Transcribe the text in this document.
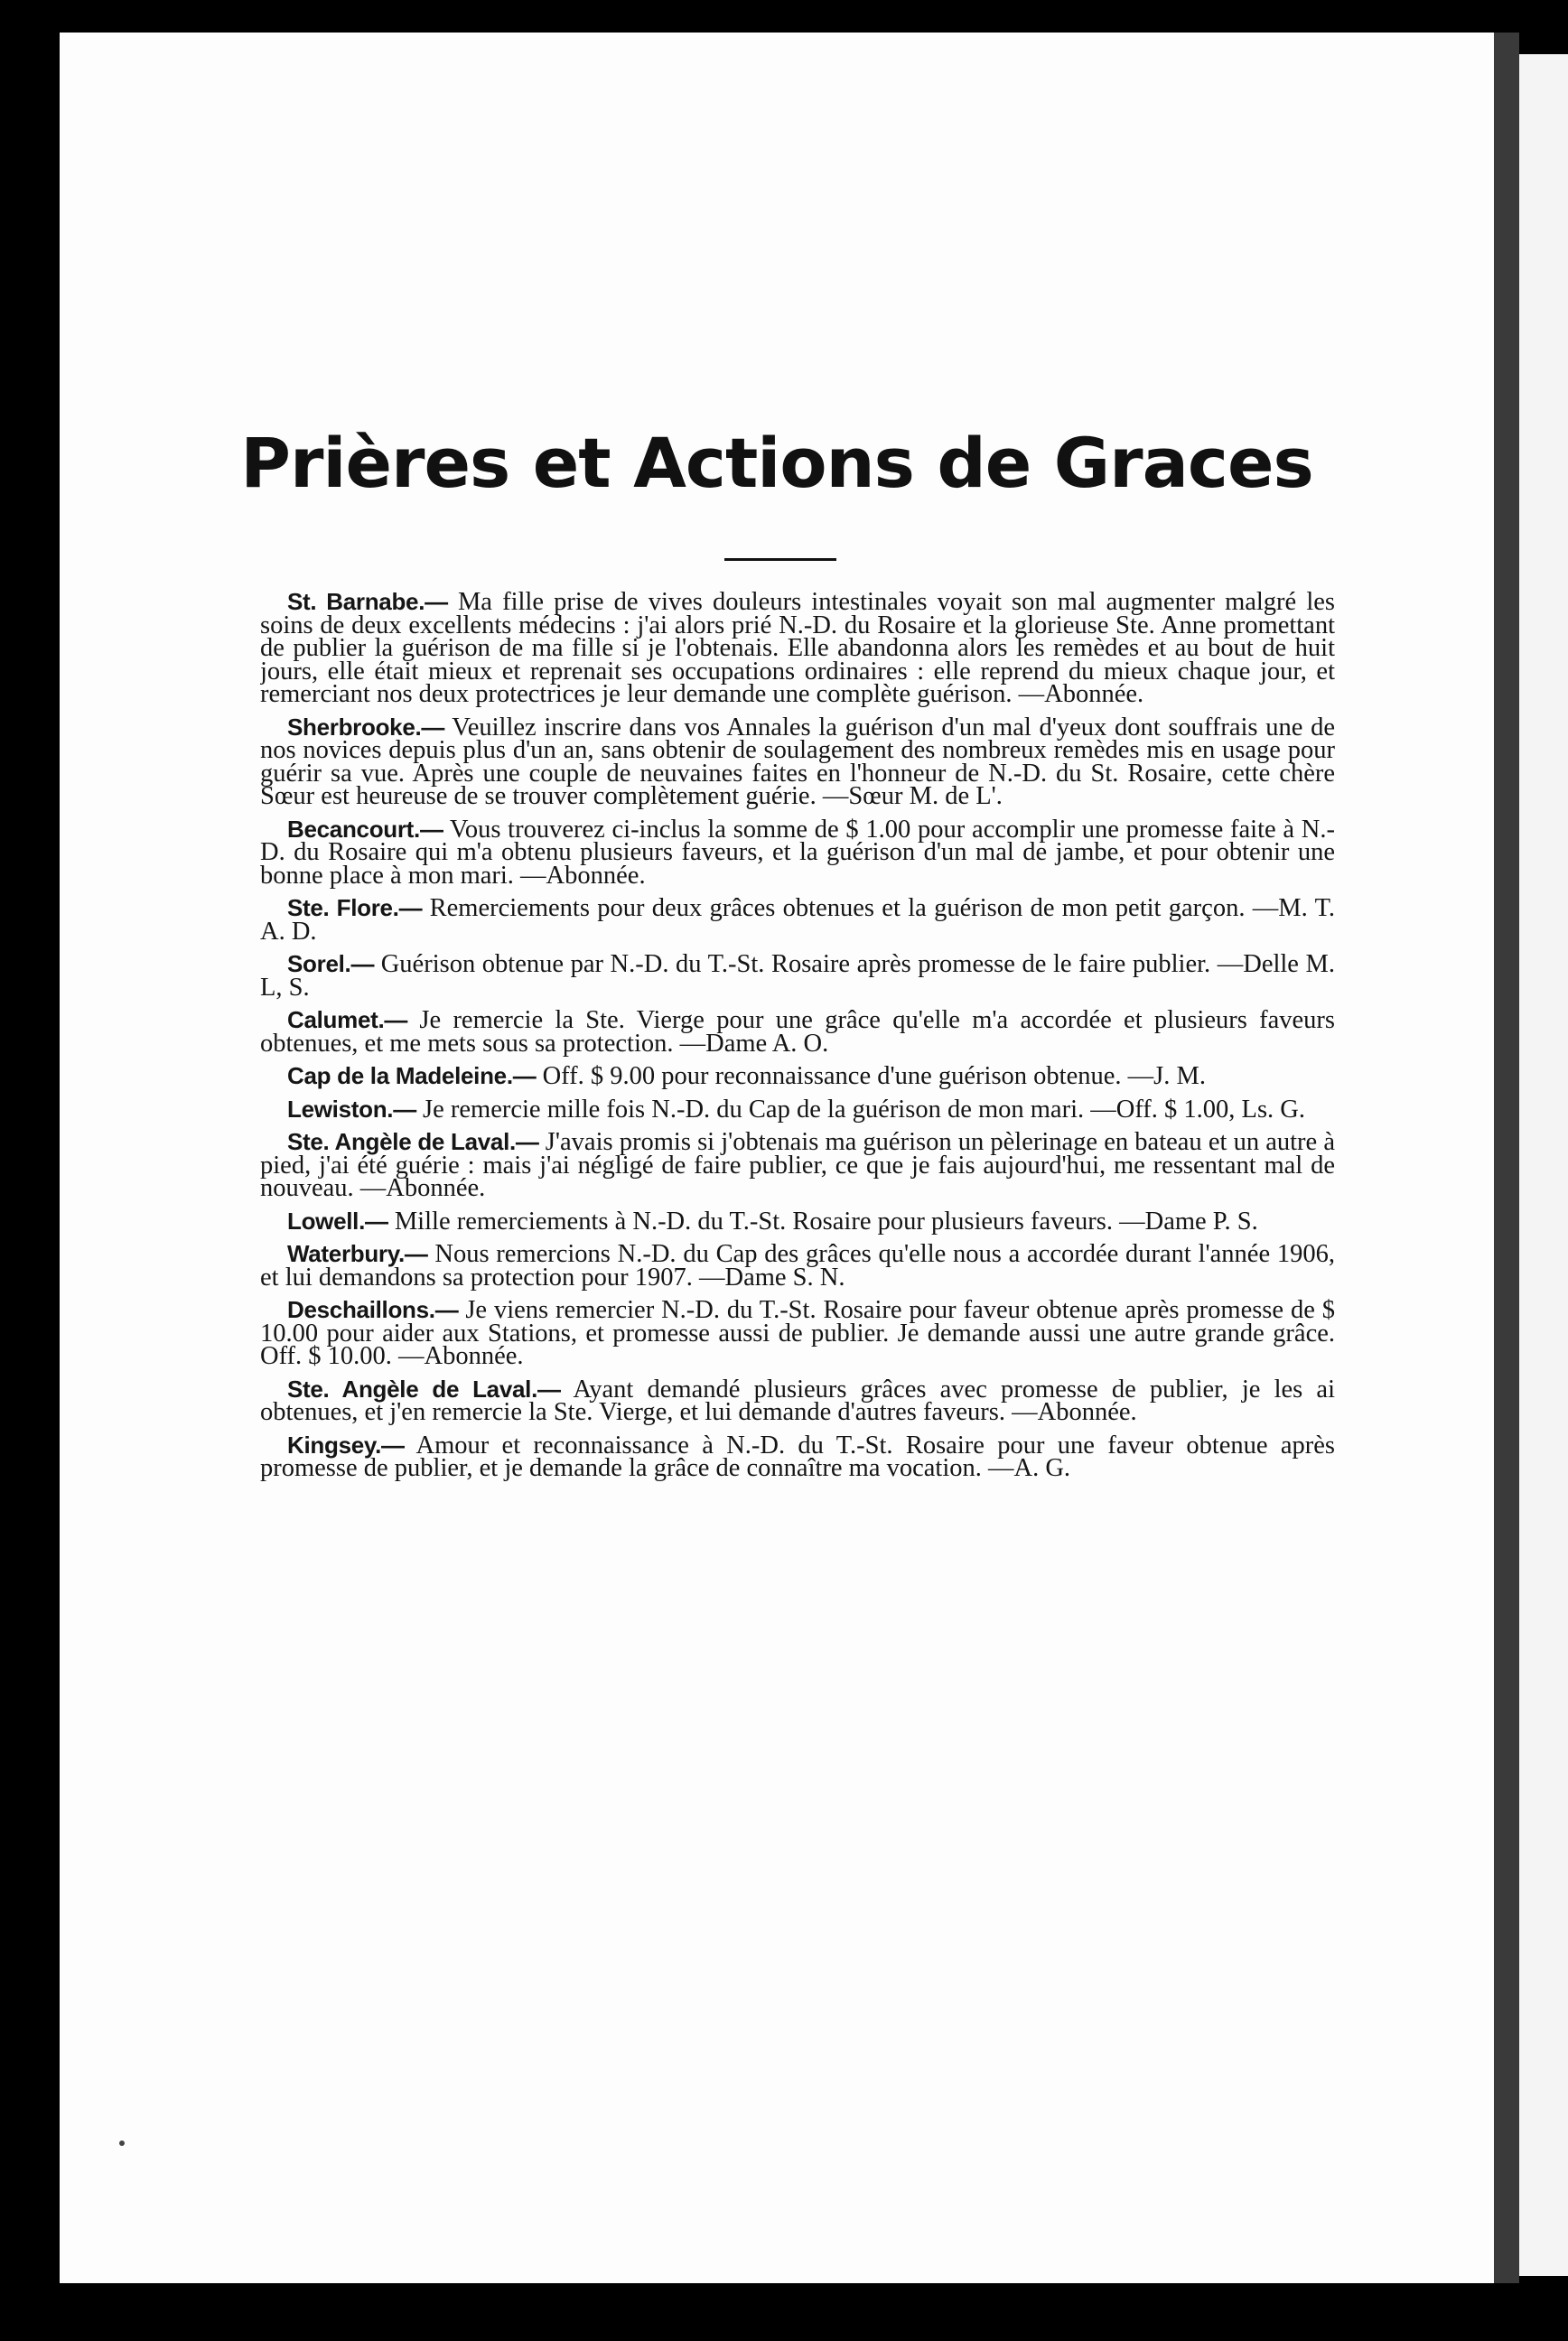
Prières et Actions de Graces

St. Barnabe.— Ma fille prise de vives douleurs intestinales voyait son mal augmenter malgré les soins de deux excellents médecins : j'ai alors prié N.-D. du Rosaire et la glorieuse Ste. Anne promettant de publier la guérison de ma fille si je l'obtenais. Elle abandonna alors les remèdes et au bout de huit jours, elle était mieux et reprenait ses occupations ordinaires : elle reprend du mieux chaque jour, et remerciant nos deux protectrices je leur demande une complète guérison. —Abonnée.

Sherbrooke.— Veuillez inscrire dans vos Annales la guérison d'un mal d'yeux dont souffrais une de nos novices depuis plus d'un an, sans obtenir de soulagement des nombreux remèdes mis en usage pour guérir sa vue. Après une couple de neuvaines faites en l'honneur de N.-D. du St. Rosaire, cette chère Sœur est heureuse de se trouver complètement guérie. —Sœur M. de L'.

Becancourt.— Vous trouverez ci-inclus la somme de $ 1.00 pour accomplir une promesse faite à N.-D. du Rosaire qui m'a obtenu plusieurs faveurs, et la guérison d'un mal de jambe, et pour obtenir une bonne place à mon mari. —Abonnée.

Ste. Flore.— Remerciements pour deux grâces obtenues et la guérison de mon petit garçon. —M. T. A. D.

Sorel.— Guérison obtenue par N.-D. du T.-St. Rosaire après promesse de le faire publier. —Delle M. L, S.

Calumet.— Je remercie la Ste. Vierge pour une grâce qu'elle m'a accordée et plusieurs faveurs obtenues, et me mets sous sa protection. —Dame A. O.

Cap de la Madeleine.— Off. $ 9.00 pour reconnaissance d'une guérison obtenue. —J. M.

Lewiston.— Je remercie mille fois N.-D. du Cap de la guérison de mon mari. —Off. $ 1.00, Ls. G.

Ste. Angèle de Laval.— J'avais promis si j'obtenais ma guérison un pèlerinage en bateau et un autre à pied, j'ai été guérie : mais j'ai négligé de faire publier, ce que je fais aujourd'hui, me ressentant mal de nouveau. —Abonnée.

Lowell.— Mille remerciements à N.-D. du T.-St. Rosaire pour plusieurs faveurs. —Dame P. S.

Waterbury.— Nous remercions N.-D. du Cap des grâces qu'elle nous a accordée durant l'année 1906, et lui demandons sa protection pour 1907. —Dame S. N.

Deschaillons.— Je viens remercier N.-D. du T.-St. Rosaire pour faveur obtenue après promesse de $ 10.00 pour aider aux Stations, et promesse aussi de publier. Je demande aussi une autre grande grâce. Off. $ 10.00. —Abonnée.

Ste. Angèle de Laval.— Ayant demandé plusieurs grâces avec promesse de publier, je les ai obtenues, et j'en remercie la Ste. Vierge, et lui demande d'autres faveurs. —Abonnée.

Kingsey.— Amour et reconnaissance à N.-D. du T.-St. Rosaire pour une faveur obtenue après promesse de publier, et je demande la grâce de connaître ma vocation. —A. G.
